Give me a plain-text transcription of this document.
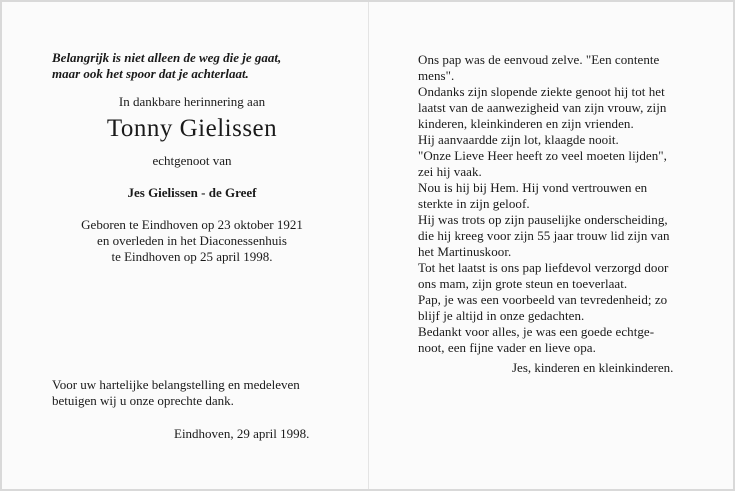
Belangrijk is niet alleen de weg die je gaat,
maar ook het spoor dat je achterlaat.
In dankbare herinnering aan
Tonny Gielissen
echtgenoot van
Jes Gielissen - de Greef
Geboren te Eindhoven op 23 oktober 1921
en overleden in het Diaconessenhuis
te Eindhoven op 25 april 1998.
Voor uw hartelijke belangstelling en medeleven
betuigen wij u onze oprechte dank.
Eindhoven, 29 april 1998.
Ons pap was de eenvoud zelve. "Een contente
mens".
Ondanks zijn slopende ziekte genoot hij tot het
laatst van de aanwezigheid van zijn vrouw, zijn
kinderen, kleinkinderen en zijn vrienden.
Hij aanvaardde zijn lot, klaagde nooit.
"Onze Lieve Heer heeft zo veel moeten lijden",
zei hij vaak.
Nou is hij bij Hem. Hij vond vertrouwen en
sterkte in zijn geloof.
Hij was trots op zijn pauselijke onderscheiding,
die hij kreeg voor zijn 55 jaar trouw lid zijn van
het Martinuskoor.
Tot het laatst is ons pap liefdevol verzorgd door
ons mam, zijn grote steun en toeverlaat.
Pap, je was een voorbeeld van tevredenheid; zo
blijf je altijd in onze gedachten.
Bedankt voor alles, je was een goede echtge-
noot, een fijne vader en lieve opa.
Jes, kinderen en kleinkinderen.
